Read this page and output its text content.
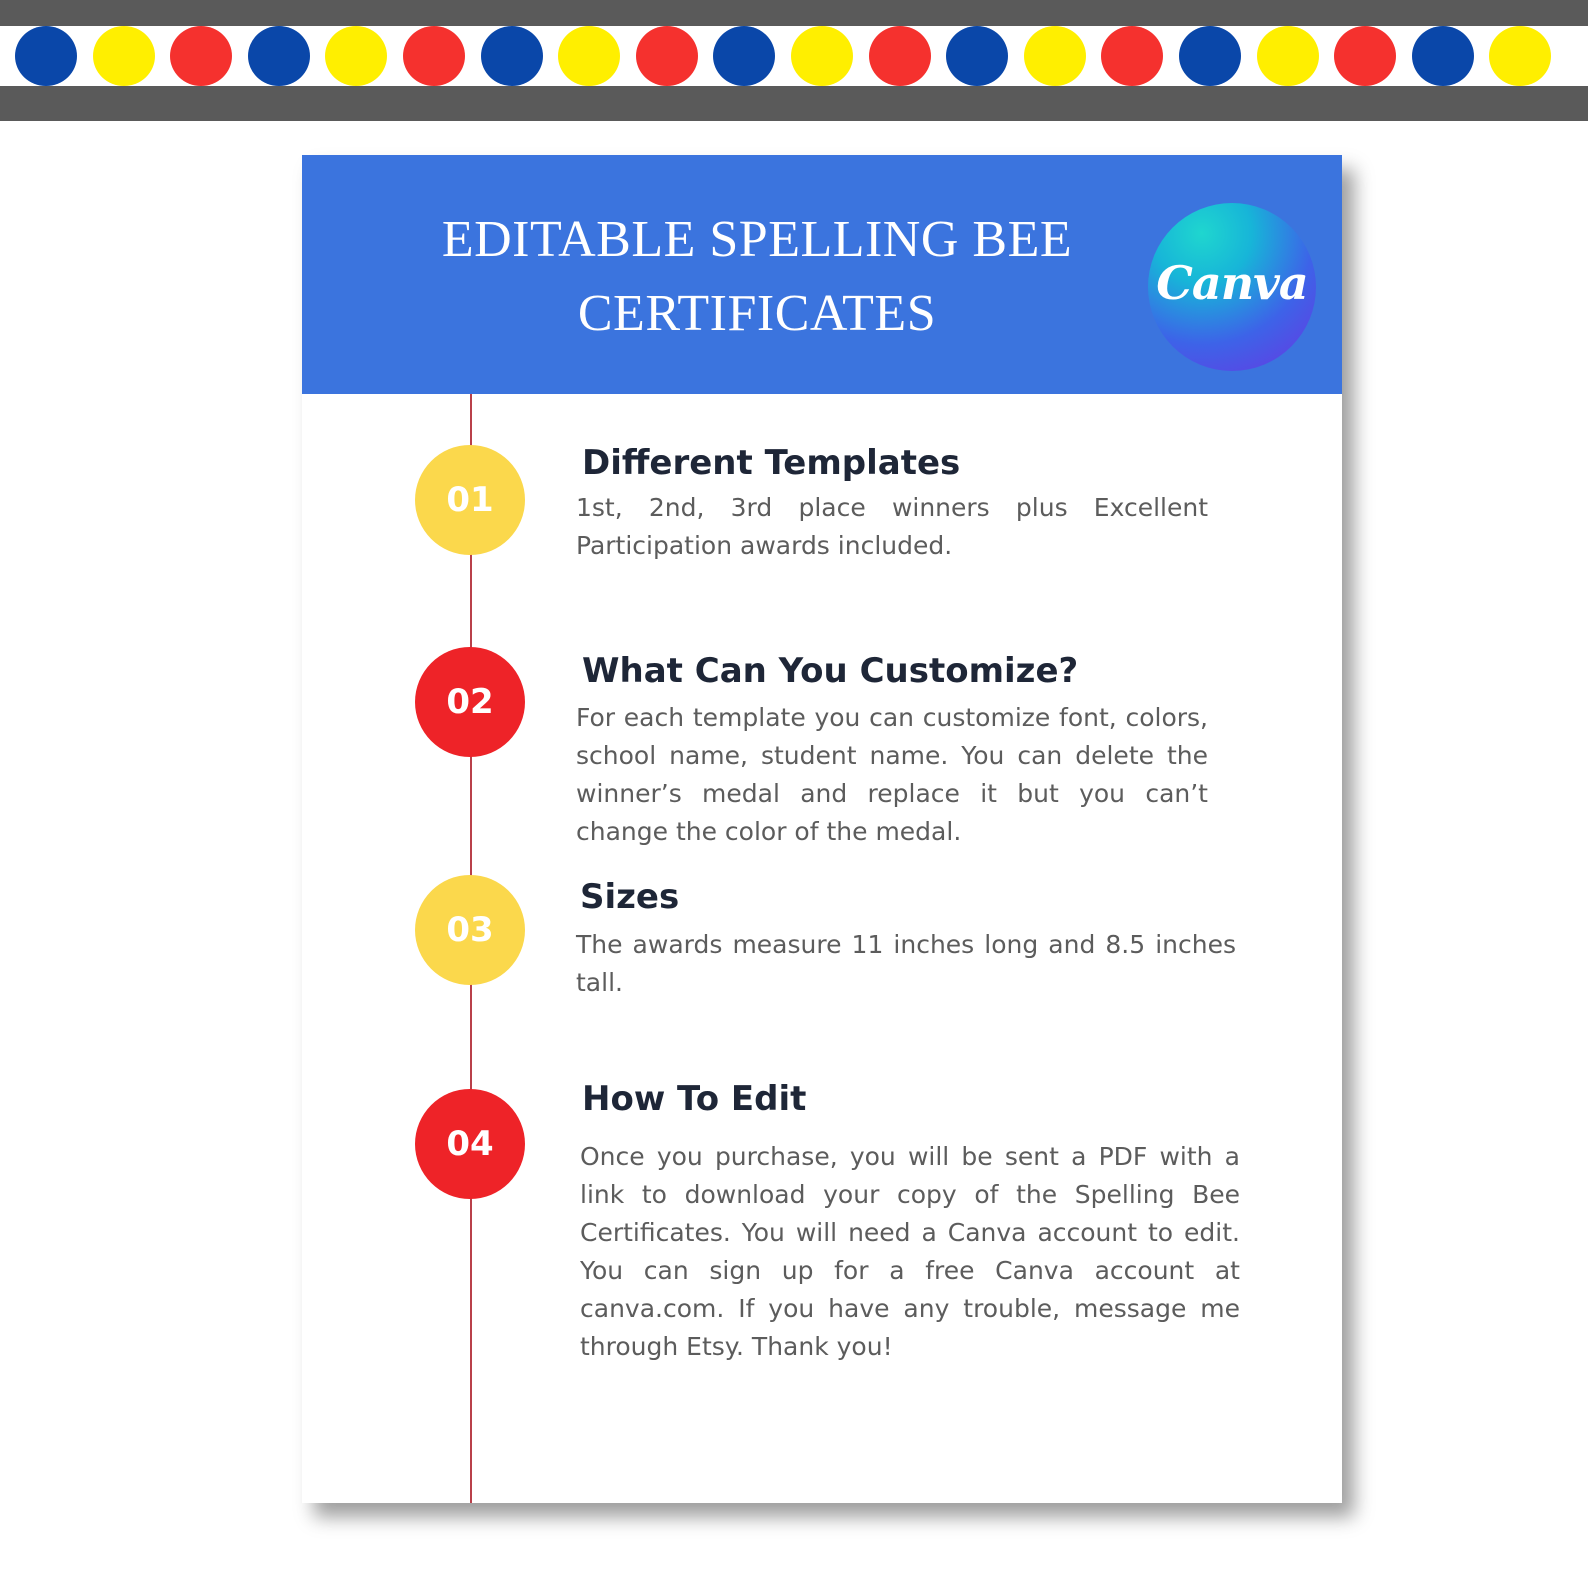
EDITABLE SPELLING BEE
CERTIFICATES
Canva
01
Different Templates
1st, 2nd, 3rd place winners plus Excellent Participation awards included.
02
What Can You Customize?
For each template you can customize font, colors, school name, student name. You can delete the winner’s medal and replace it but you can’t change the color of the medal.
03
Sizes
The awards measure 11 inches long and 8.5 inches tall.
04
How To Edit
Once you purchase, you will be sent a PDF with a link to download your copy of the Spelling Bee Certificates. You will need a Canva account to edit. You can sign up for a free Canva account at canva.com. If you have any trouble, message me through Etsy. Thank you!
